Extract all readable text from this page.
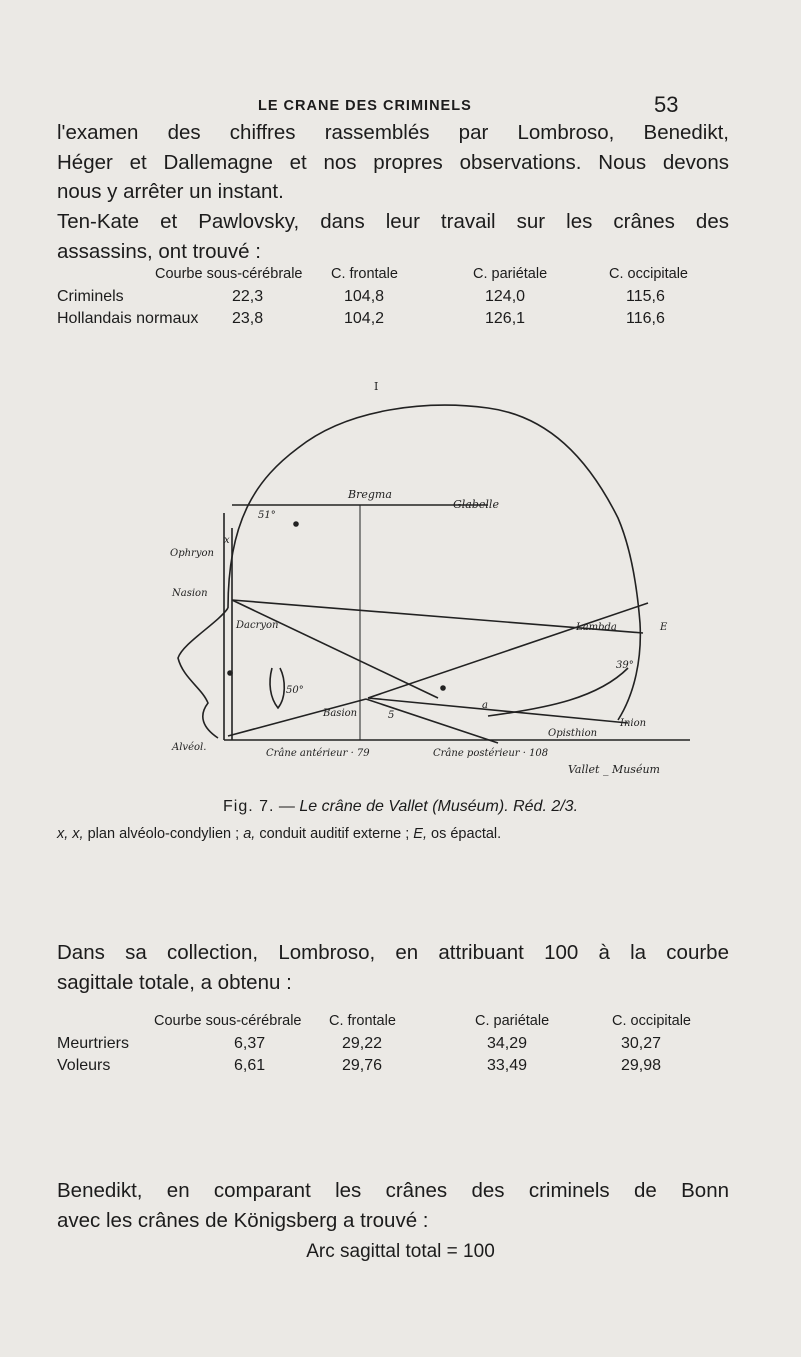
LE CRANE DES CRIMINELS	53

l'examen des chiffres rassemblés par Lombroso, Benedikt,
Héger et Dallemagne et nos propres observations. Nous devons
nous y arrêter un instant.

Ten-Kate et Pawlovsky, dans leur travail sur les crânes des
assassins, ont trouvé :

Courbe sous-cérébrale C. frontale	C. pariétale	C. occipitale
Criminels	22,3	104,8	124,0	115,6
Hollandais normaux 23,8	104,2	126,1	116,6
Bregma
Glabelle
Ophryon
Nasion
Dacryon
Basion
Opisthion
Inion
Alvéol.
Lambda
Crâne antérieur · 79	Crâne postérieur · 108
Vallet _ Muséum
51°
50°
39°
5
x
E
a
I
Fig. 7. — Le crâne de Vallet (Muséum). Réd. 2/3.
x, x, plan alvéolo-condylien ; a, conduit auditif externe ; E, os épactal.

Dans sa collection, Lombroso, en attribuant 100 à la courbe
sagittale totale, a obtenu :

Courbe sous-cérébrale C. frontale	C. pariétale	C. occipitale
Meurtriers	6,37	29,22	34,29	30,27
Voleurs	6,61	29,76	33,49	29,98

Benedikt, en comparant les crânes des criminels de Bonn
avec les crânes de Königsberg a trouvé :

Arc sagittal total = 100
